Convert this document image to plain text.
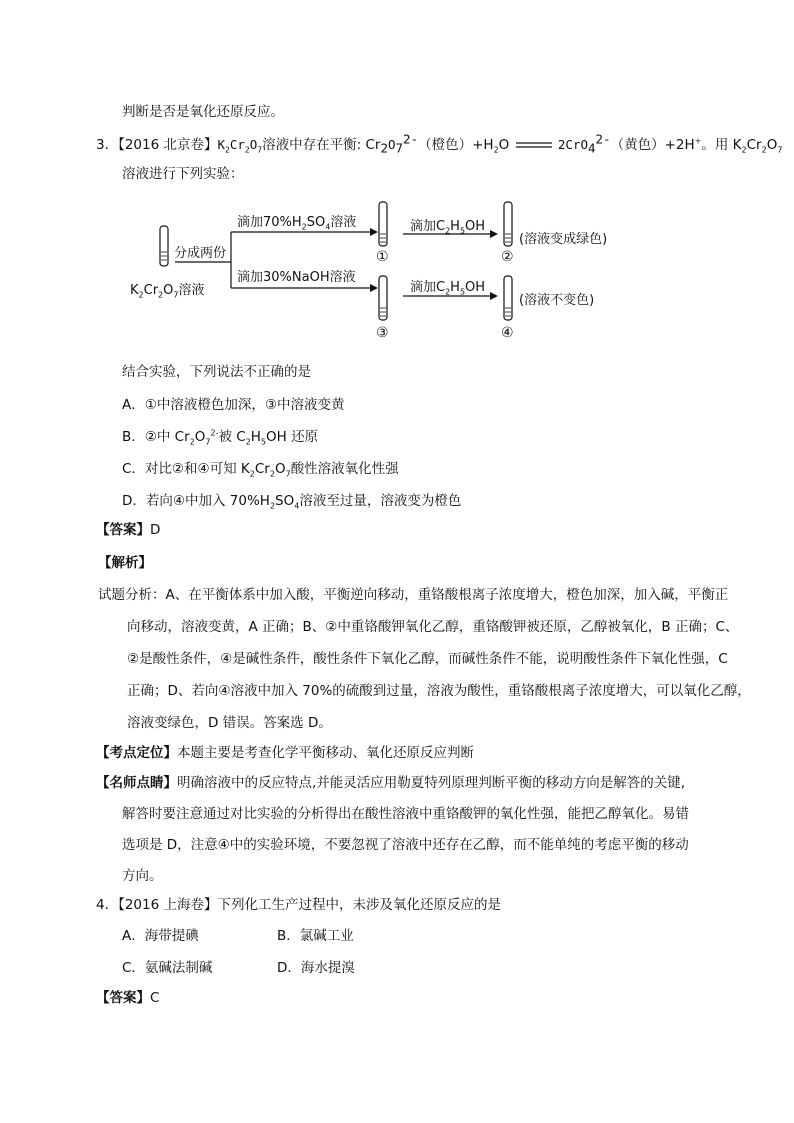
判断是否是氧化还原反应。
3．【2016 北京卷】$K_2Cr_2O_7$溶液中存在平衡: $Cr_2O_7^{2-}$（橙色）$+H_2O$	2CrO$_4^{2-}$（黄色）+2H+。用 $K_2Cr_2O_7$
溶液进行下列实验：
分成两份
$K_2Cr_2O_7$溶液
滴加$70\%H_2SO_4$溶液
滴加30%NaOH溶液
滴加$C_2H_5OH$
滴加$C_2H_5OH$
(溶液变成绿色)
(溶液不变色)
①	②
③	④
结合实验，下列说法不正确的是
A．①中溶液橙色加深，③中溶液变黄
B．②中 $Cr_2O_7^{2-}$被 $C_2H_5OH$ 还原
C．对比②和④可知 $K_2Cr_2O_7$酸性溶液氧化性强
D．若向④中加入 $70\%H_2SO_4$溶液至过量，溶液变为橙色
【答案】D
【解析】
试题分析：A、在平衡体系中加入酸，平衡逆向移动，重铬酸根离子浓度增大，橙色加深，加入碱，平衡正
向移动，溶液变黄，A 正确；B、②中重铬酸钾氧化乙醇，重铬酸钾被还原，乙醇被氧化，B 正确；C、
②是酸性条件，④是碱性条件，酸性条件下氧化乙醇，而碱性条件不能，说明酸性条件下氧化性强，C
正确；D、若向④溶液中加入 70%的硫酸到过量，溶液为酸性，重铬酸根离子浓度增大，可以氧化乙醇，
溶液变绿色，D 错误。答案选 D。
【考点定位】本题主要是考查化学平衡移动、氧化还原反应判断
【名师点睛】明确溶液中的反应特点,并能灵活应用勒夏特列原理判断平衡的移动方向是解答的关键,
解答时要注意通过对比实验的分析得出在酸性溶液中重铬酸钾的氧化性强，能把乙醇氧化。易错
选项是 D，注意④中的实验环境，不要忽视了溶液中还存在乙醇，而不能单纯的考虑平衡的移动
方向。
4．【2016 上海卷】下列化工生产过程中，未涉及氧化还原反应的是
A．海带提碘	B．氯碱工业
C．氨碱法制碱	D．海水提溴
【答案】C
